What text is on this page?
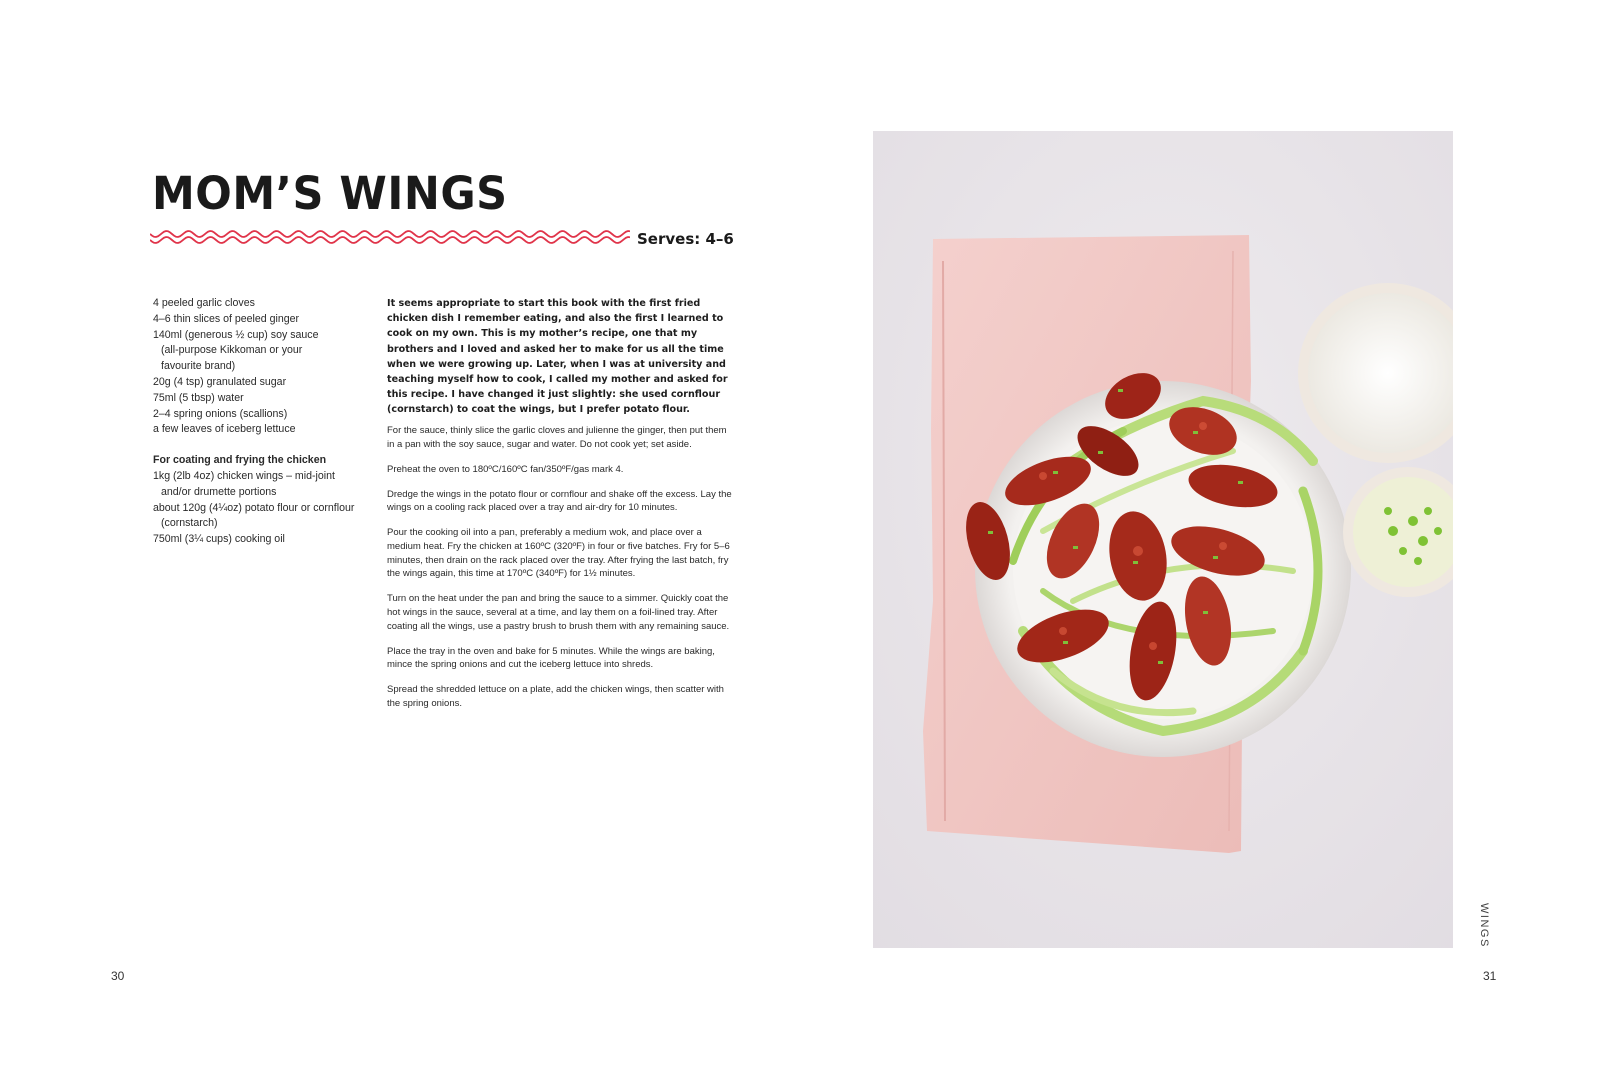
MOM’S WINGS
Serves: 4–6
4 peeled garlic cloves
4–6 thin slices of peeled ginger
140ml (generous ½ cup) soy sauce
(all-purpose Kikkoman or your
favourite brand)
20g (4 tsp) granulated sugar
75ml (5 tbsp) water
2–4 spring onions (scallions)
a few leaves of iceberg lettuce
For coating and frying the chicken
1kg (2lb 4oz) chicken wings – mid-joint
and/or drumette portions
about 120g (4¼oz) potato flour or cornflour
(cornstarch)
750ml (3¼ cups) cooking oil

It seems appropriate to start this book with the first fried chicken dish I remember eating, and also the first I learned to cook on my own. This is my mother’s recipe, one that my brothers and I loved and asked her to make for us all the time when we were growing up. Later, when I was at university and teaching myself how to cook, I called my mother and asked for this recipe. I have changed it just slightly: she used cornflour (cornstarch) to coat the wings, but I prefer potato flour.

For the sauce, thinly slice the garlic cloves and julienne the ginger, then put them in a pan with the soy sauce, sugar and water. Do not cook yet; set aside.

Preheat the oven to 180ºC/160ºC fan/350ºF/gas mark 4.

Dredge the wings in the potato flour or cornflour and shake off the excess. Lay the wings on a cooling rack placed over a tray and air-dry for 10 minutes.

Pour the cooking oil into a pan, preferably a medium wok, and place over a medium heat. Fry the chicken at 160ºC (320ºF) in four or five batches. Fry for 5–6 minutes, then drain on the rack placed over the tray. After frying the last batch, fry the wings again, this time at 170ºC (340ºF) for 1½ minutes.

Turn on the heat under the pan and bring the sauce to a simmer. Quickly coat the hot wings in the sauce, several at a time, and lay them on a foil-lined tray. After coating all the wings, use a pastry brush to brush them with any remaining sauce.

Place the tray in the oven and bake for 5 minutes. While the wings are baking, mince the spring onions and cut the iceberg lettuce into shreds.

Spread the shredded lettuce on a plate, add the chicken wings, then scatter with the spring onions.

30
WINGS
31
